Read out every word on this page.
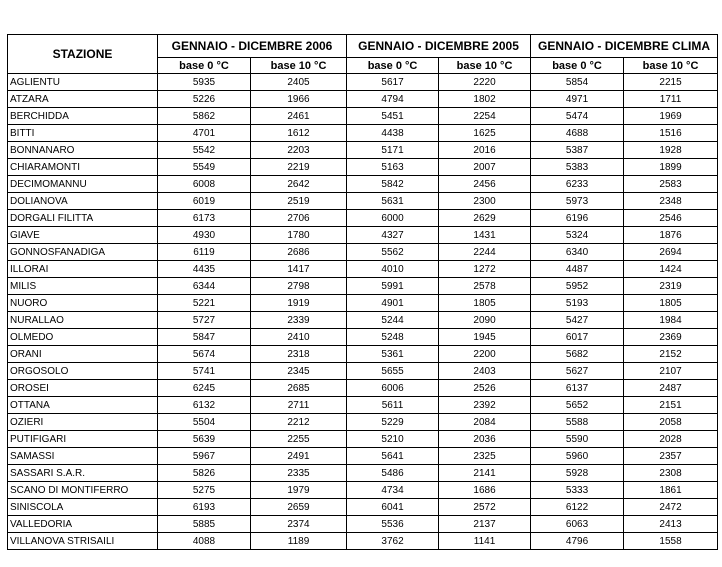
STAZIONE	GENNAIO - DICEMBRE 2006		GENNAIO - DICEMBRE 2005		GENNAIO - DICEMBRE CLIMA	
	base 0 °C	base 10 °C	base 0 °C	base 10 °C	base 0 °C	base 10 °C
AGLIENTU	5935	2405	5617	2220	5854	2215
ATZARA	5226	1966	4794	1802	4971	1711
BERCHIDDA	5862	2461	5451	2254	5474	1969
BITTI	4701	1612	4438	1625	4688	1516
BONNANARO	5542	2203	5171	2016	5387	1928
CHIARAMONTI	5549	2219	5163	2007	5383	1899
DECIMOMANNU	6008	2642	5842	2456	6233	2583
DOLIANOVA	6019	2519	5631	2300	5973	2348
DORGALI FILITTA	6173	2706	6000	2629	6196	2546
GIAVE	4930	1780	4327	1431	5324	1876
GONNOSFANADIGA	6119	2686	5562	2244	6340	2694
ILLORAI	4435	1417	4010	1272	4487	1424
MILIS	6344	2798	5991	2578	5952	2319
NUORO	5221	1919	4901	1805	5193	1805
NURALLAO	5727	2339	5244	2090	5427	1984
OLMEDO	5847	2410	5248	1945	6017	2369
ORANI	5674	2318	5361	2200	5682	2152
ORGOSOLO	5741	2345	5655	2403	5627	2107
OROSEI	6245	2685	6006	2526	6137	2487
OTTANA	6132	2711	5611	2392	5652	2151
OZIERI	5504	2212	5229	2084	5588	2058
PUTIFIGARI	5639	2255	5210	2036	5590	2028
SAMASSI	5967	2491	5641	2325	5960	2357
SASSARI S.A.R.	5826	2335	5486	2141	5928	2308
SCANO DI MONTIFERRO	5275	1979	4734	1686	5333	1861
SINISCOLA	6193	2659	6041	2572	6122	2472
VALLEDORIA	5885	2374	5536	2137	6063	2413
VILLANOVA STRISAILI	4088	1189	3762	1141	4796	1558
